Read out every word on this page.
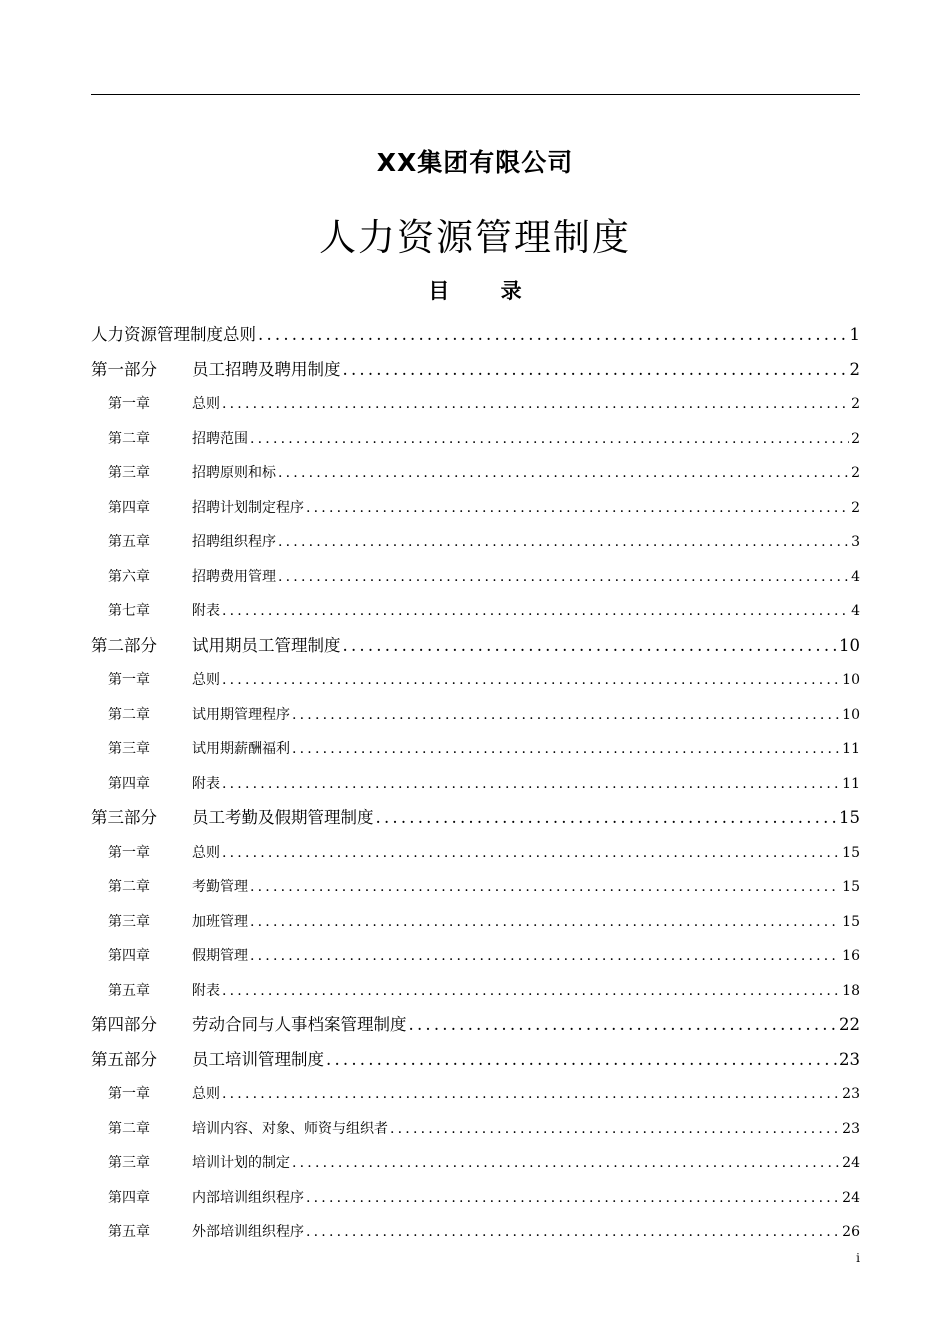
XX集团有限公司
人力资源管理制度
目 录
人力资源管理制度总则 .....	1
第一部分	员工招聘及聘用制度 .....	2
第一章	总则 .....	2
第二章	招聘范围 .....	2
第三章	招聘原则和标 .....	2
第四章	招聘计划制定程序 .....	2
第五章	招聘组织程序 .....	3
第六章	招聘费用管理 .....	4
第七章	附表 .....	4
第二部分	试用期员工管理制度 .....	10
第一章	总则 .....	10
第二章	试用期管理程序 .....	10
第三章	试用期薪酬福利 .....	11
第四章	附表 .....	11
第三部分	员工考勤及假期管理制度 .....	15
第一章	总则 .....	15
第二章	考勤管理 .....	15
第三章	加班管理 .....	15
第四章	假期管理 .....	16
第五章	附表 .....	18
第四部分	劳动合同与人事档案管理制度 .....	22
第五部分	员工培训管理制度 .....	23
第一章	总则 .....	23
第二章	培训内容、对象、师资与组织者 .....	23
第三章	培训计划的制定 .....	24
第四章	内部培训组织程序 .....	24
第五章	外部培训组织程序 .....	26
i
